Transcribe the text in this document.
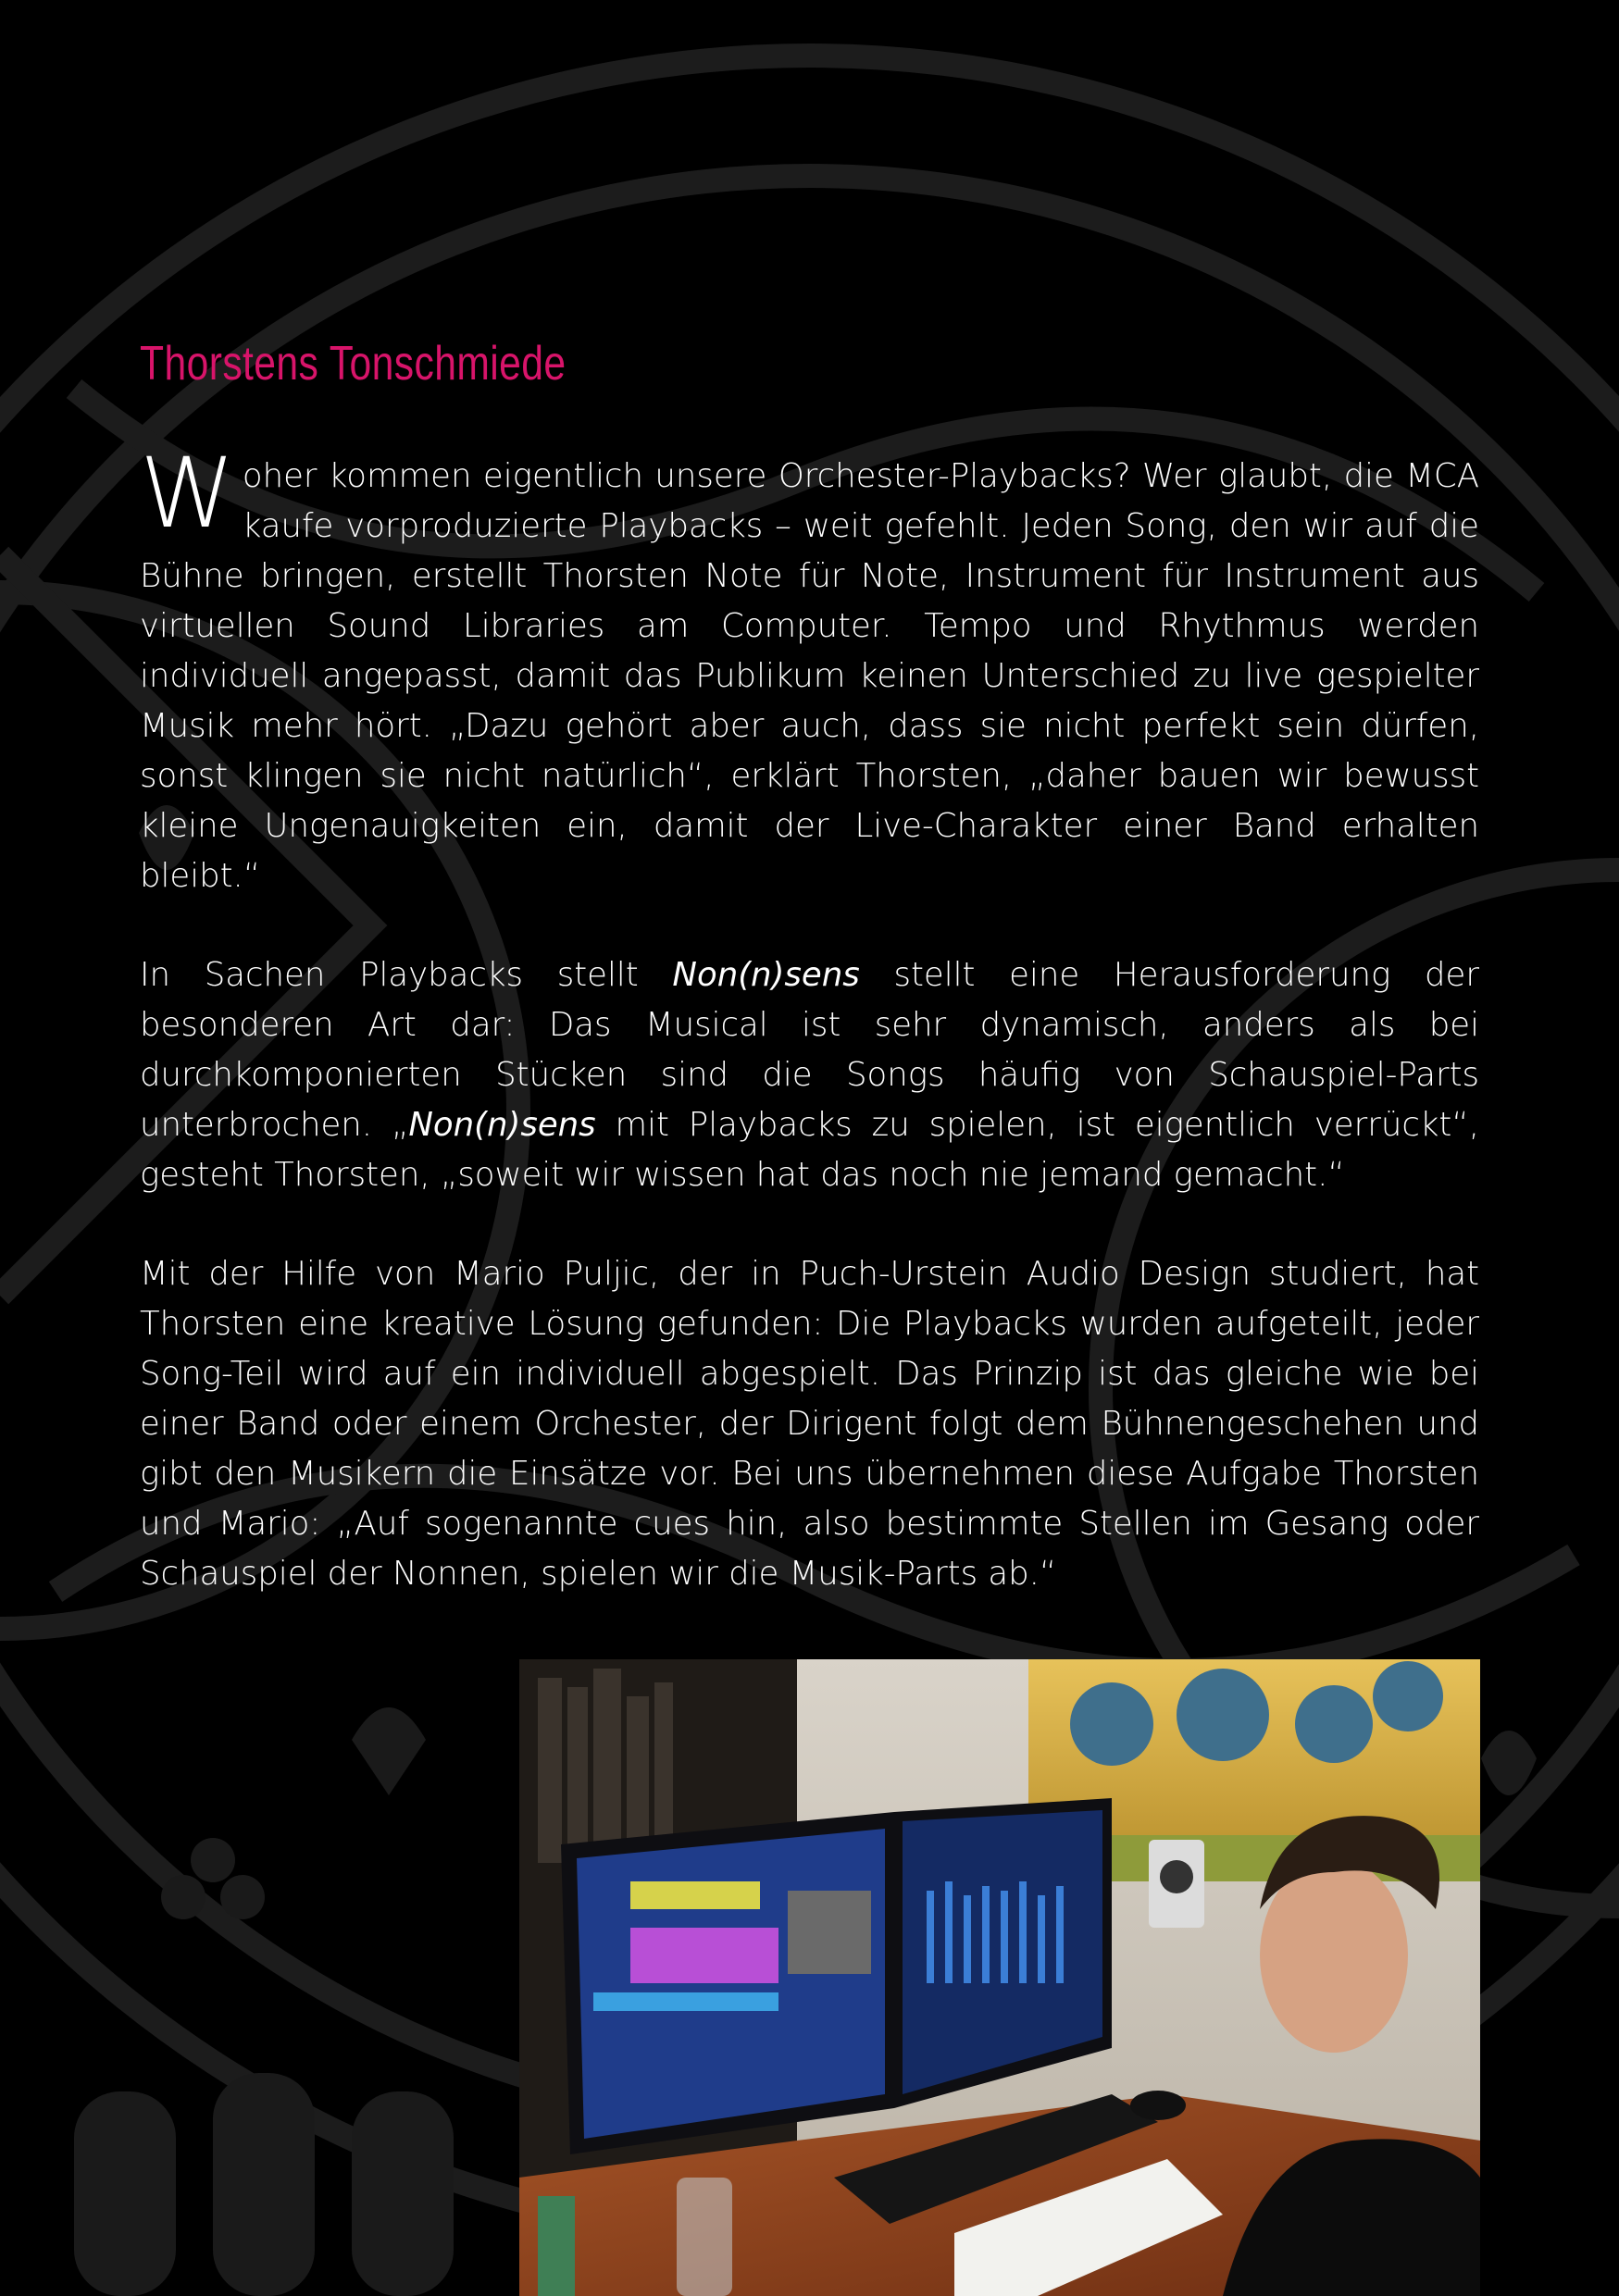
Thorstens Tonschmiede

Woher kommen eigentlich unsere Orchester-Playbacks? Wer glaubt, die MCA kaufe vorproduzierte Playbacks – weit gefehlt. Jeden Song, den wir auf die Bühne bringen, erstellt Thorsten Note für Note, Instrument für Instrument aus virtuellen Sound Libraries am Computer. Tempo und Rhythmus werden individuell angepasst, damit das Publikum keinen Unterschied zu live gespielter Musik mehr hört. „Dazu gehört aber auch, dass sie nicht perfekt sein dürfen, sonst klingen sie nicht natürlich“, erklärt Thorsten, „daher bauen wir bewusst kleine Ungenauigkeiten ein, damit der Live-Charakter einer Band erhalten bleibt.“

In Sachen Playbacks stellt Non(n)sens stellt eine Herausforderung der besonderen Art dar: Das Musical ist sehr dynamisch, anders als bei durchkomponierten Stücken sind die Songs häufig von Schauspiel-Parts unterbrochen. „Non(n)sens mit Playbacks zu spielen, ist eigentlich verrückt“, gesteht Thorsten, „soweit wir wissen hat das noch nie jemand gemacht.“

Mit der Hilfe von Mario Puljic, der in Puch-Urstein Audio Design studiert, hat Thorsten eine kreative Lösung gefunden: Die Playbacks wurden aufgeteilt, jeder Song-Teil wird auf ein individuell abgespielt. Das Prinzip ist das gleiche wie bei einer Band oder einem Orchester, der Dirigent folgt dem Bühnengeschehen und gibt den Musikern die Einsätze vor. Bei uns übernehmen diese Aufgabe Thorsten und Mario: „Auf sogenannte cues hin, also bestimmte Stellen im Gesang oder Schauspiel der Nonnen, spielen wir die Musik-Parts ab.“
